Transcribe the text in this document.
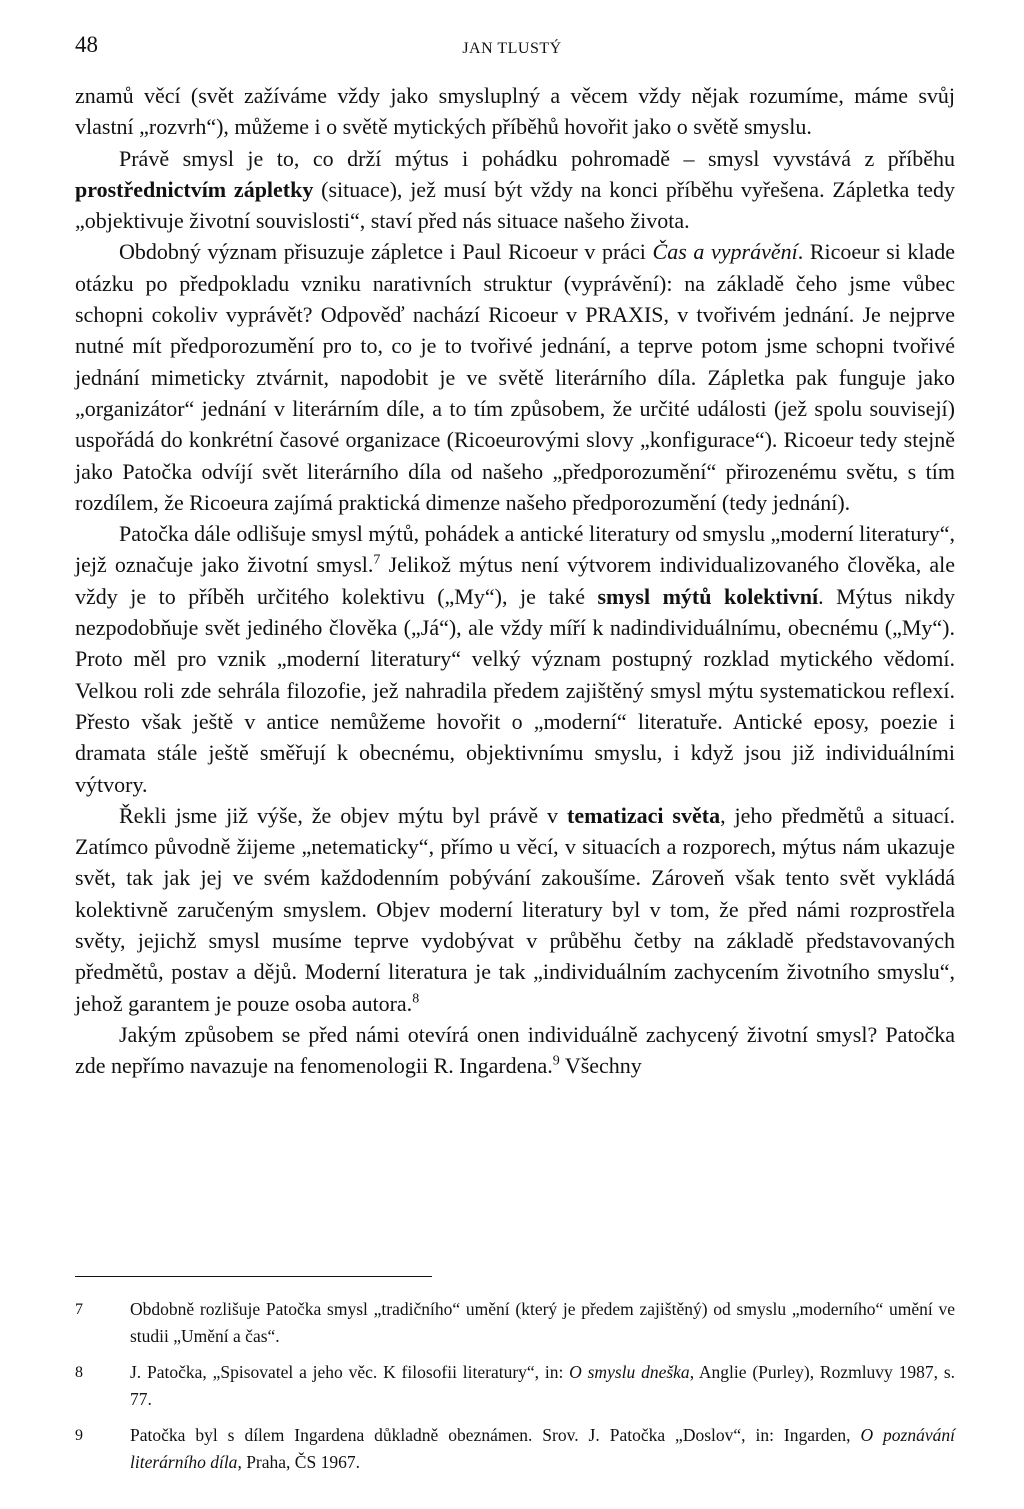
48	JAN TLUSTÝ

znamů věcí (svět zažíváme vždy jako smysluplný a věcem vždy nějak rozumíme, máme svůj vlastní „rozvrh“), můžeme i o světě mytických příběhů hovořit jako o světě smyslu.

Právě smysl je to, co drží mýtus i pohádku pohromadě – smysl vyvstává z příběhu prostřednictvím zápletky (situace), jež musí být vždy na konci příběhu vyřešena. Zápletka tedy „objektivuje životní souvislosti“, staví před nás situace našeho života.

Obdobný význam přisuzuje zápletce i Paul Ricoeur v práci Čas a vyprávění. Ricoeur si klade otázku po předpokladu vzniku narativních struktur (vyprávění): na základě čeho jsme vůbec schopni cokoliv vyprávět? Odpověď nachází Ricoeur v PRAXIS, v tvořivém jednání. Je nejprve nutné mít předporozumění pro to, co je to tvořivé jednání, a teprve potom jsme schopni tvořivé jednání mimeticky ztvárnit, napodobit je ve světě literárního díla. Zápletka pak funguje jako „organizátor“ jednání v literárním díle, a to tím způsobem, že určité události (jež spolu souvisejí) uspořádá do konkrétní časové organizace (Ricoeurovými slovy „konfigurace“). Ricoeur tedy stejně jako Patočka odvíjí svět literárního díla od našeho „předporozumění“ přirozenému světu, s tím rozdílem, že Ricoeura zajímá praktická dimenze našeho předporozumění (tedy jednání).

Patočka dále odlišuje smysl mýtů, pohádek a antické literatury od smyslu „moderní literatury“, jejž označuje jako životní smysl.$^7$ Jelikož mýtus není výtvorem individualizovaného člověka, ale vždy je to příběh určitého kolektivu („My“), je také smysl mýtů kolektivní. Mýtus nikdy nezpodobňuje svět jediného člověka („Já“), ale vždy míří k nadindividuálnímu, obecnému („My“). Proto měl pro vznik „moderní literatury“ velký význam postupný rozklad mytického vědomí. Velkou roli zde sehrála filozofie, jež nahradila předem zajištěný smysl mýtu systematickou reflexí. Přesto však ještě v antice nemůžeme hovořit o „moderní“ literatuře. Antické eposy, poezie i dramata stále ještě směřují k obecnému, objektivnímu smyslu, i když jsou již individuálními výtvory.

Řekli jsme již výše, že objev mýtu byl právě v tematizaci světa, jeho předmětů a situací. Zatímco původně žijeme „netematicky“, přímo u věcí, v situacích a rozporech, mýtus nám ukazuje svět, tak jak jej ve svém každodenním pobývání zakoušíme. Zároveň však tento svět vykládá kolektivně zaručeným smyslem. Objev moderní literatury byl v tom, že před námi rozprostřela světy, jejichž smysl musíme teprve vydobývat v průběhu četby na základě představovaných předmětů, postav a dějů. Moderní literatura je tak „individuálním zachycením životního smyslu“, jehož garantem je pouze osoba autora.$^8$

Jakým způsobem se před námi otevírá onen individuálně zachycený životní smysl? Patočka zde nepřímo navazuje na fenomenologii R. Ingardena.$^9$ Všechny

7	Obdobně rozlišuje Patočka smysl „tradičního“ umění (který je předem zajištěný) od smyslu „moderního“ umění ve studii „Umění a čas“.
8	J. Patočka, „Spisovatel a jeho věc. K filosofii literatury“, in: O smyslu dneška, Anglie (Purley), Rozmluvy 1987, s. 77.
9	Patočka byl s dílem Ingardena důkladně obeznámen. Srov. J. Patočka „Doslov“, in: Ingarden, O poznávání literárního díla, Praha, ČS 1967.
